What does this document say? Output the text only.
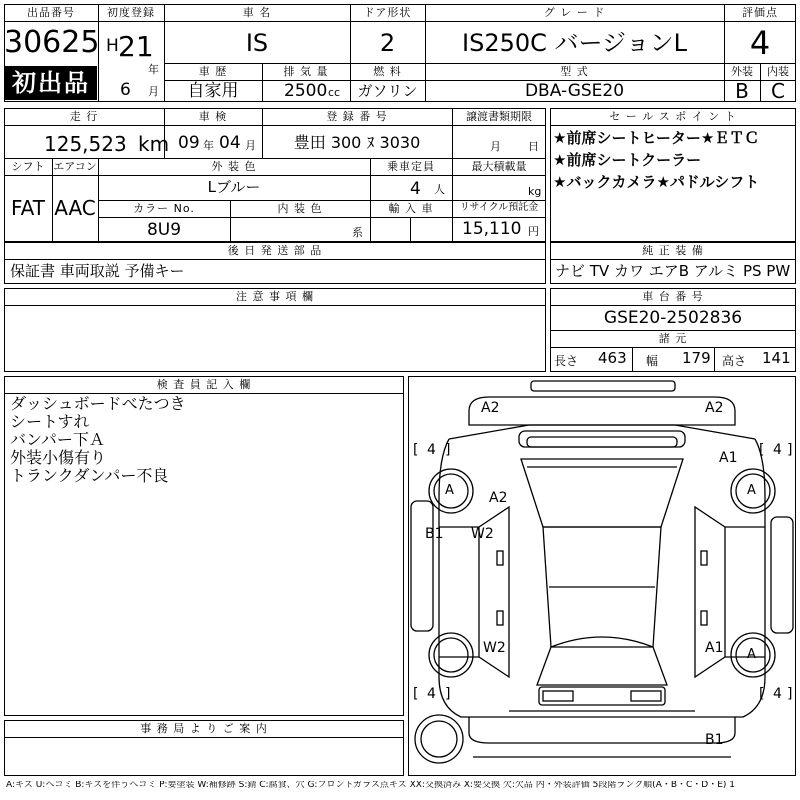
出品番号
30625
初出品
初度登録
H 21
年
6 月
車 名
IS
ドア形状
2
グ レ ー ド
IS250C バージョンL
評価点
4
車 歴
自家用
排 気 量
2500 cc
燃 料
ガソリン
型 式
DBA-GSE20
外装	内装
B	C
走 行
125,523 km
車 検
09 年 04 月
登 録 番 号
豊田 300 ﾇ 3030
譲渡書類期限
月 日
シフト
FAT
エアコン
AAC
外 装 色
Lブルー
乗車定員
4 人
最大積載量
kg
カラー No.
8U9
内 装 色
系
輸 入 車	リサイクル預託金
15,110 円
セ ー ル ス ポ イ ン ト
★前席シートヒーター★ＥＴＣ
★前席シートクーラー
★バックカメラ★パドルシフト
後 日 発 送 部 品
保証書 車両取説 予備キー
純 正 装 備
ナビ TV カワ エアB アルミ PS PW
注 意 事 項 欄	車 台 番 号
GSE20-2502836
諸 元
長さ 463 幅 179 高さ 141
検 査 員 記 入 欄
ダッシュボードべたつき
シートすれ
バンパー下Ａ
外装小傷有り
トランクダンパー不良
事 務 局 よ り ご 案 内
A2	A2
A2
A1
A1
B1
B1
W2
W2
A	A
A
[ 4 ]	[ 4 ]
[ 4 ]	[ 4 ]
A:キズ U:ヘコミ B:キズを伴うヘコミ P:要塗装 W:補修跡 S:錆 C:腐食、穴 G:フロントガラス点キズ XX:交換済み X:要交換 欠:欠品 内・外装評価 5段階ランク順(A・B・C・D・E) 1
